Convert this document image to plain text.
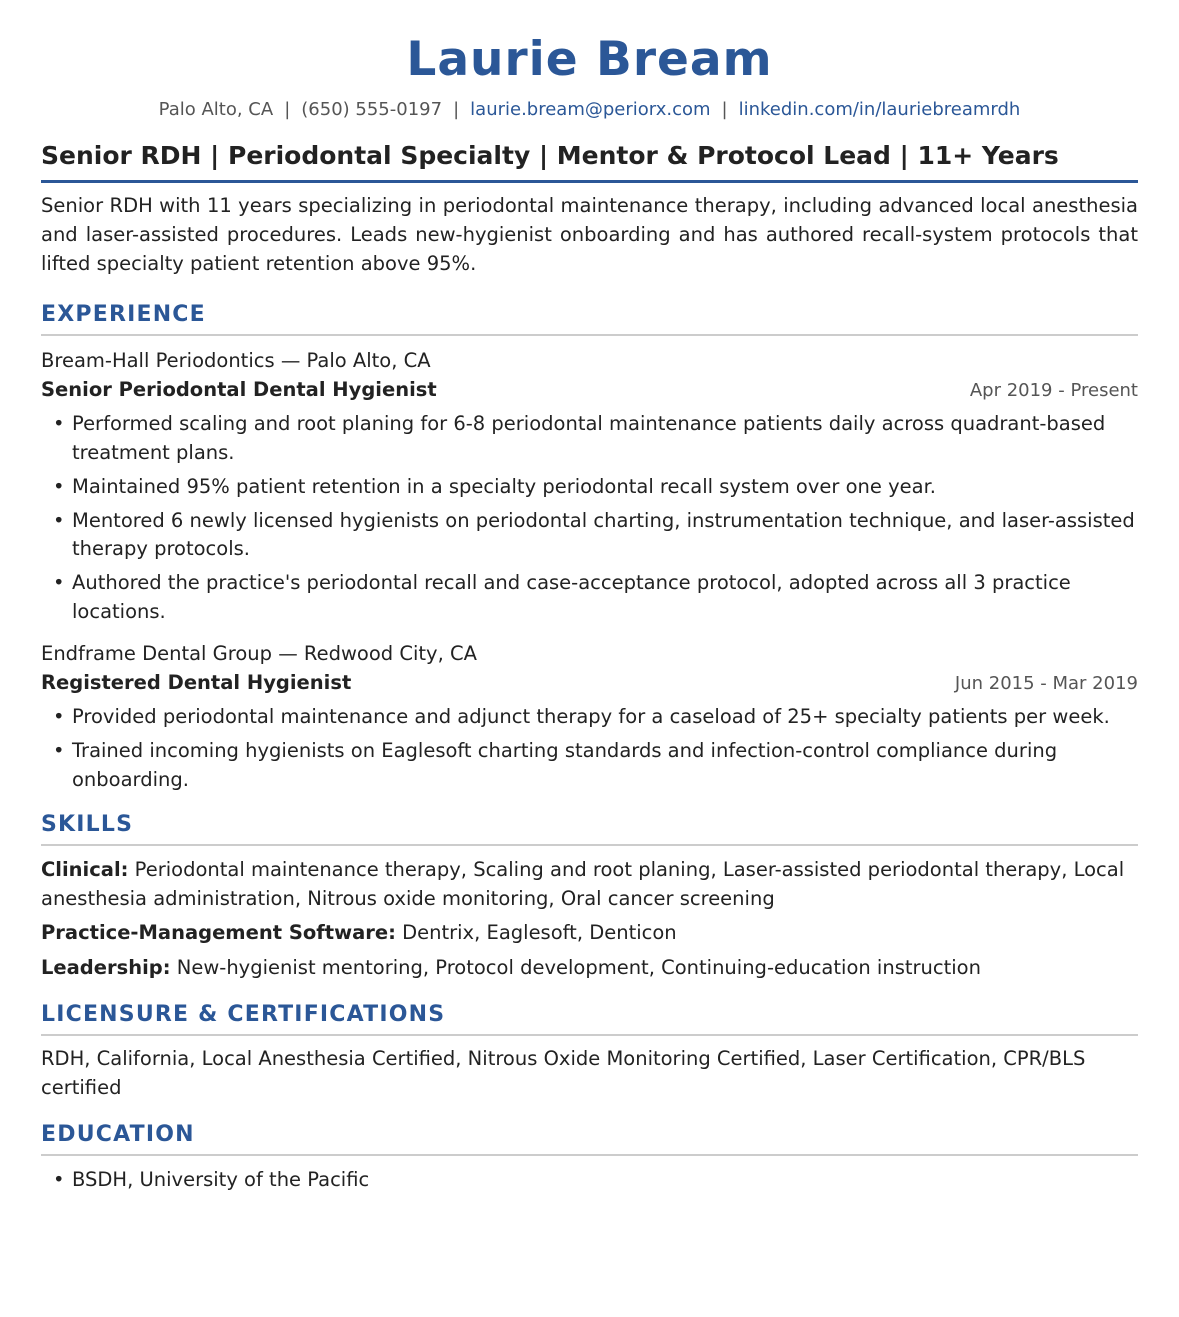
Laurie Bream
Palo Alto, CA | (650) 555-0197 | laurie.bream@periorx.com | linkedin.com/in/lauriebreamrdh
Senior RDH | Periodontal Specialty | Mentor & Protocol Lead | 11+ Years
Senior RDH with 11 years specializing in periodontal maintenance therapy, including advanced local anesthesia and laser-assisted procedures. Leads new-hygienist onboarding and has authored recall-system protocols that lifted specialty patient retention above 95%.
EXPERIENCE
Bream-Hall Periodontics — Palo Alto, CA
Senior Periodontal Dental Hygienist	Apr 2019 - Present
• Performed scaling and root planing for 6-8 periodontal maintenance patients daily across quadrant-based treatment plans.
• Maintained 95% patient retention in a specialty periodontal recall system over one year.
• Mentored 6 newly licensed hygienists on periodontal charting, instrumentation technique, and laser-assisted therapy protocols.
• Authored the practice's periodontal recall and case-acceptance protocol, adopted across all 3 practice locations.
Endframe Dental Group — Redwood City, CA
Registered Dental Hygienist	Jun 2015 - Mar 2019
• Provided periodontal maintenance and adjunct therapy for a caseload of 25+ specialty patients per week.
• Trained incoming hygienists on Eaglesoft charting standards and infection-control compliance during onboarding.
SKILLS
Clinical: Periodontal maintenance therapy, Scaling and root planing, Laser-assisted periodontal therapy, Local anesthesia administration, Nitrous oxide monitoring, Oral cancer screening
Practice-Management Software: Dentrix, Eaglesoft, Denticon
Leadership: New-hygienist mentoring, Protocol development, Continuing-education instruction
LICENSURE & CERTIFICATIONS
RDH, California, Local Anesthesia Certified, Nitrous Oxide Monitoring Certified, Laser Certification, CPR/BLS certified
EDUCATION
• BSDH, University of the Pacific
